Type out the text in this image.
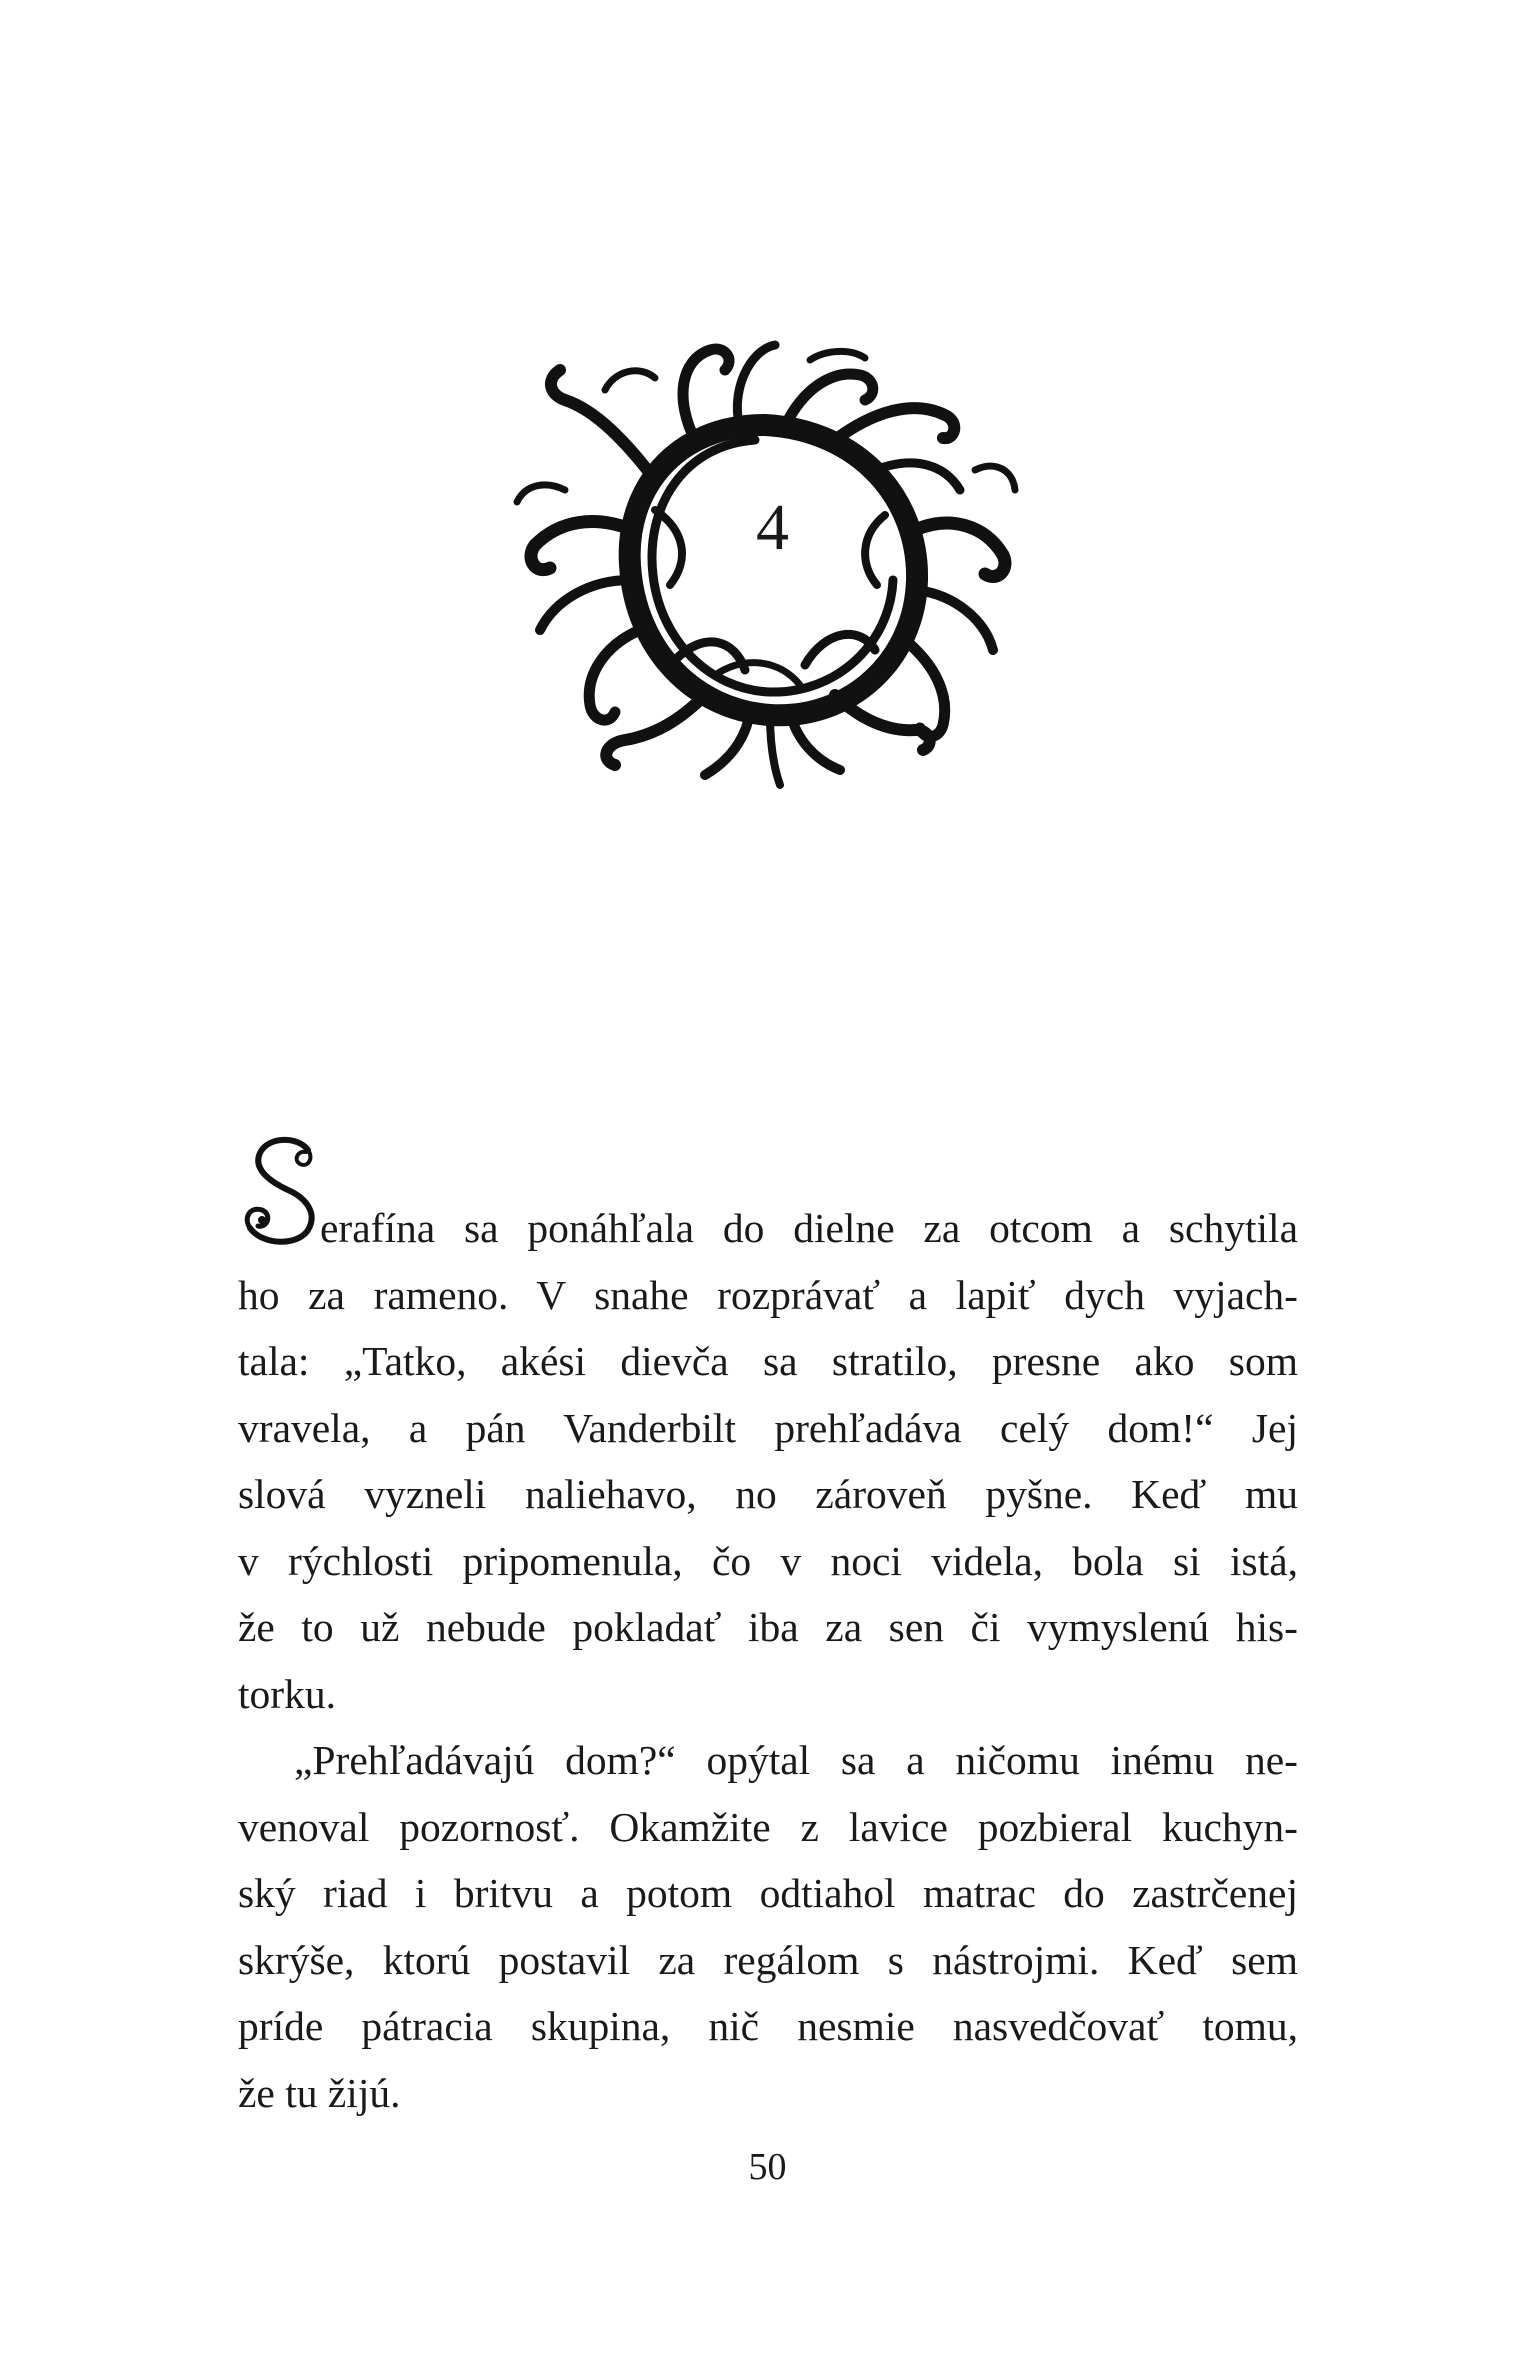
4

erafína sa ponáhľala do dielne za otcom a schytila
ho za rameno. V snahe rozprávať a lapiť dych vyjach-
tala: „Tatko, akési dievča sa stratilo, presne ako som
vravela, a pán Vanderbilt prehľadáva celý dom!“ Jej
slová vyzneli naliehavo, no zároveň pyšne. Keď mu
v rýchlosti pripomenula, čo v noci videla, bola si istá,
že to už nebude pokladať iba za sen či vymyslenú his-
torku.

„Prehľadávajú dom?“ opýtal sa a ničomu inému ne-
venoval pozornosť. Okamžite z lavice pozbieral kuchyn-
ský riad i britvu a potom odtiahol matrac do zastrčenej
skrýše, ktorú postavil za regálom s nástrojmi. Keď sem
príde pátracia skupina, nič nesmie nasvedčovať tomu,
že tu žijú.

50
